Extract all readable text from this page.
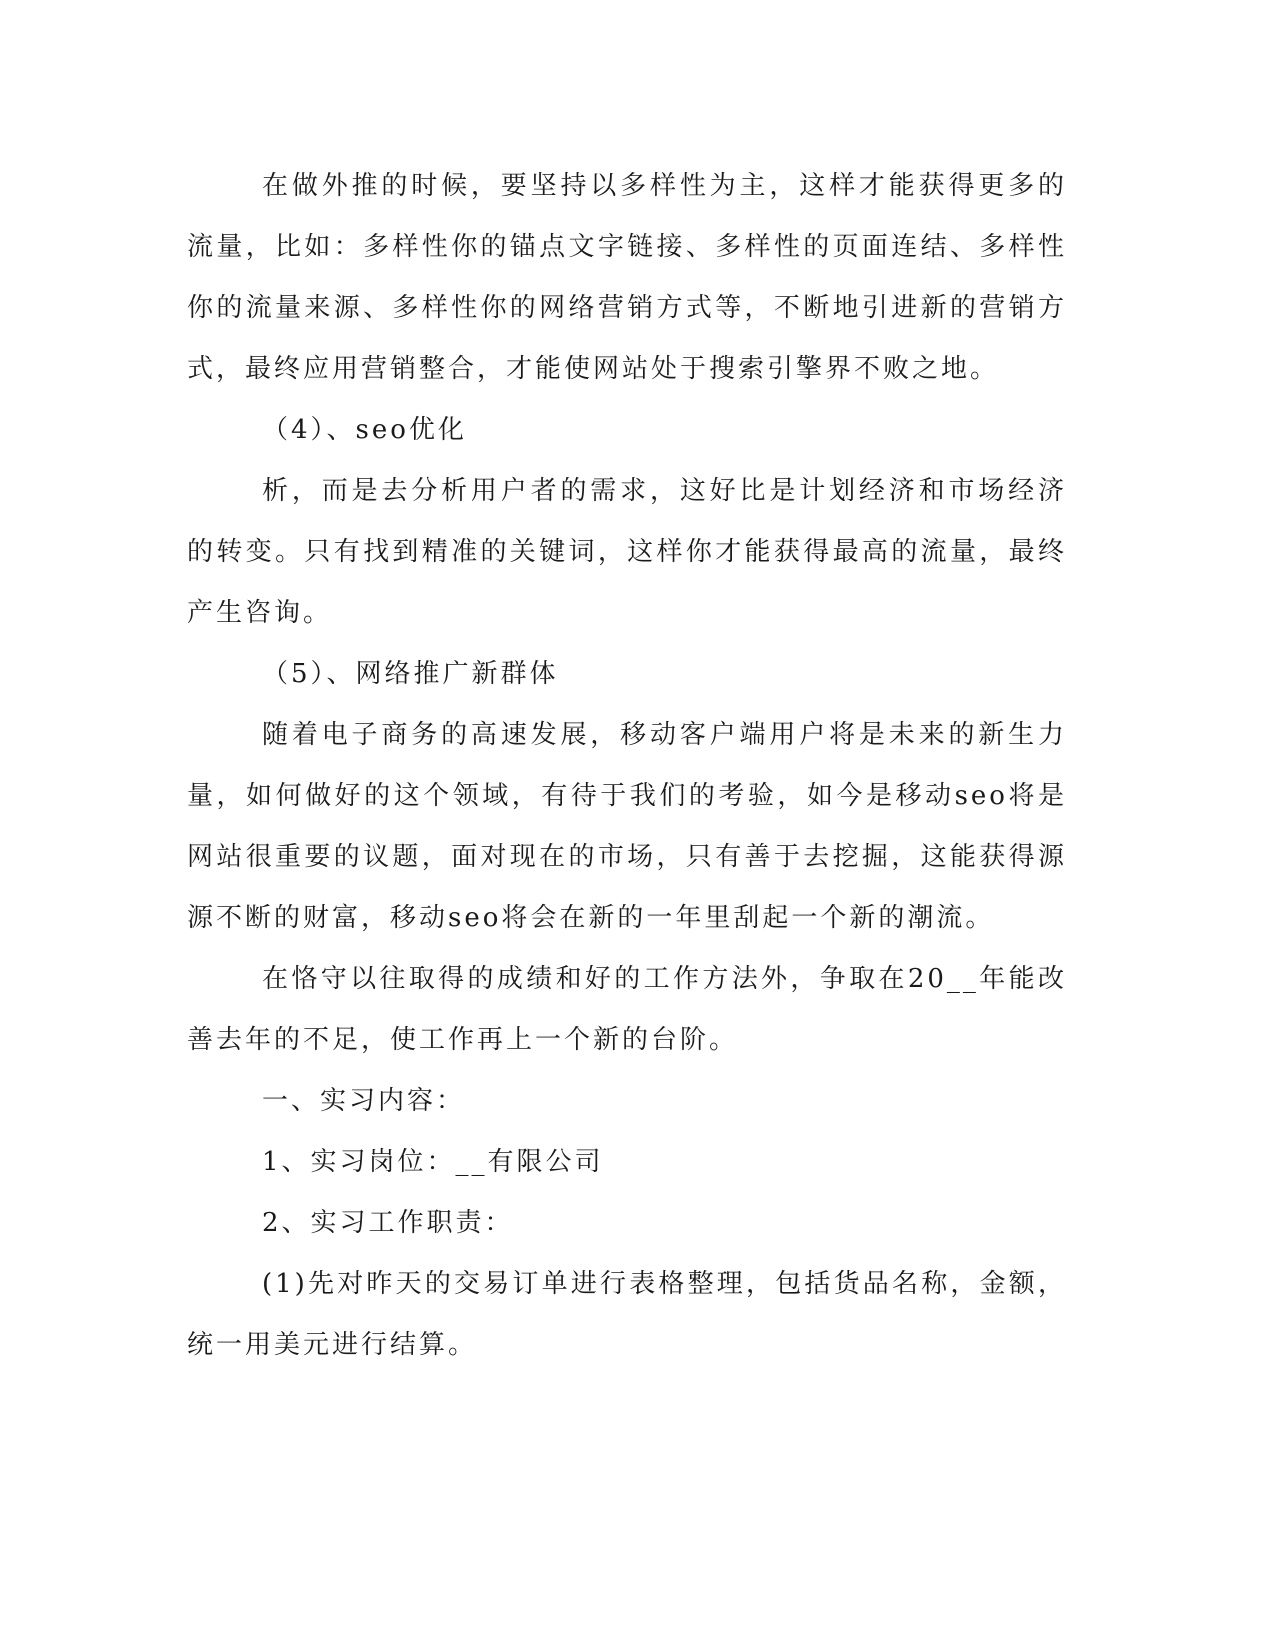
在做外推的时候，要坚持以多样性为主，这样才能获得更多的流量，比如：多样性你的锚点文字链接、多样性的页面连结、多样性你的流量来源、多样性你的网络营销方式等，不断地引进新的营销方式，最终应用营销整合，才能使网站处于搜索引擎界不败之地。

（4）、seo优化

析，而是去分析用户者的需求，这好比是计划经济和市场经济的转变。只有找到精准的关键词，这样你才能获得最高的流量，最终产生咨询。

（5）、网络推广新群体

随着电子商务的高速发展，移动客户端用户将是未来的新生力量，如何做好的这个领域，有待于我们的考验，如今是移动seo将是网站很重要的议题，面对现在的市场，只有善于去挖掘，这能获得源源不断的财富，移动seo将会在新的一年里刮起一个新的潮流。

在恪守以往取得的成绩和好的工作方法外，争取在20__年能改善去年的不足，使工作再上一个新的台阶。

一、实习内容：

1、实习岗位：__有限公司

2、实习工作职责：

(1)先对昨天的交易订单进行表格整理，包括货品名称，金额，统一用美元进行结算。
